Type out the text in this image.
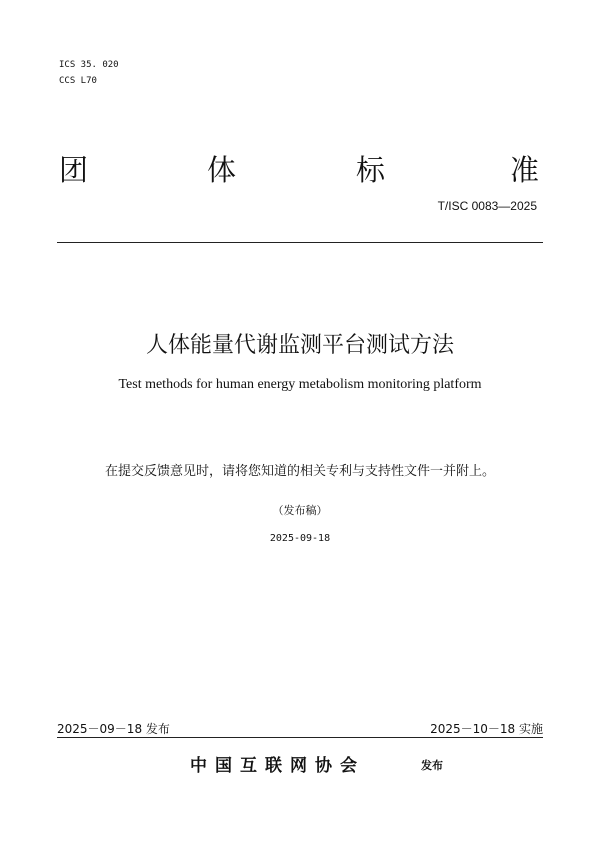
ICS 35. 020
CCS L70
团	体	标	准
T/ISC 0083—2025
人体能量代谢监测平台测试方法
Test methods for human energy metabolism monitoring platform
在提交反馈意见时，请将您知道的相关专利与支持性文件一并附上。
（发布稿）
2025-09-18
2025－09－18 发布	2025－10－18 实施
中国互联网协会	发布
